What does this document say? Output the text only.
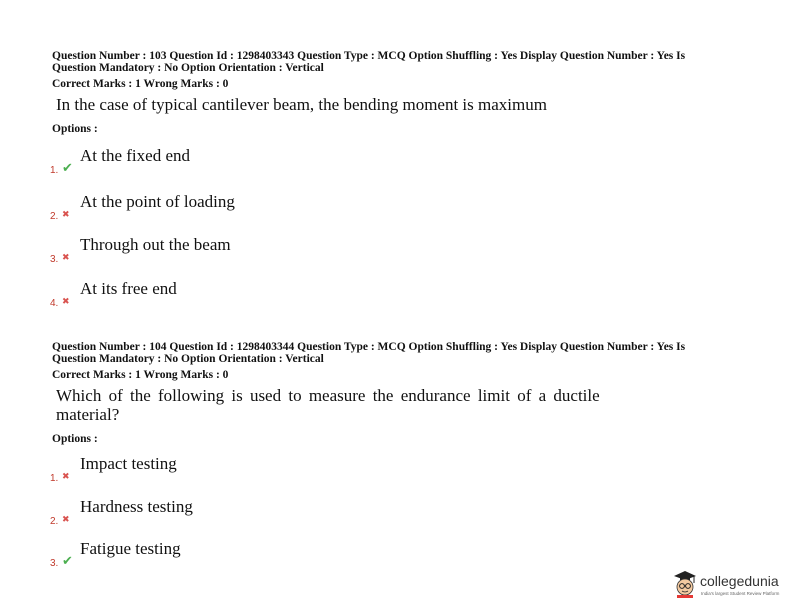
Question Number : 103 Question Id : 1298403343 Question Type : MCQ Option Shuffling : Yes Display Question Number : Yes Is
Question Mandatory : No Option Orientation : Vertical
Correct Marks : 1 Wrong Marks : 0
In the case of typical cantilever beam, the bending moment is maximum
Options :
1. ✔
At the fixed end
2. ✖
At the point of loading
3. ✖
Through out the beam
4. ✖
At its free end
Question Number : 104 Question Id : 1298403344 Question Type : MCQ Option Shuffling : Yes Display Question Number : Yes Is
Question Mandatory : No Option Orientation : Vertical
Correct Marks : 1 Wrong Marks : 0
Which of the following is used to measure the endurance limit of a ductile
material?
Options :
1. ✖
Impact testing
2. ✖
Hardness testing
3. ✔
Fatigue testing
collegedunia
India's largest Student Review Platform
